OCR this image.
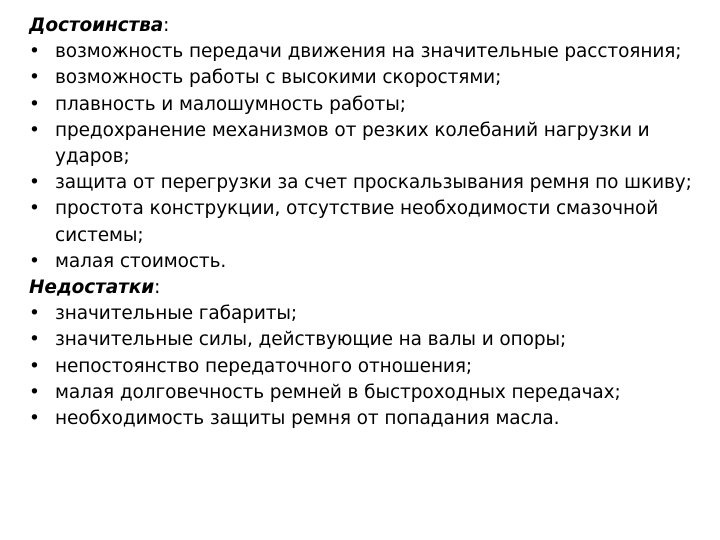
Достоинства:

• возможность передачи движения на значительные расстояния;
• возможность работы с высокими скоростями;
• плавность и малошумность работы;
• предохранение механизмов от резких колебаний нагрузки и ударов;
• защита от перегрузки за счет проскальзывания ремня по шкиву;
• простота конструкции, отсутствие необходимости смазочной системы;
• малая стоимость.

Недостатки:

• значительные габариты;
• значительные силы, действующие на валы и опоры;
• непостоянство передаточного отношения;
• малая долговечность ремней в быстроходных передачах;
• необходимость защиты ремня от попадания масла.
